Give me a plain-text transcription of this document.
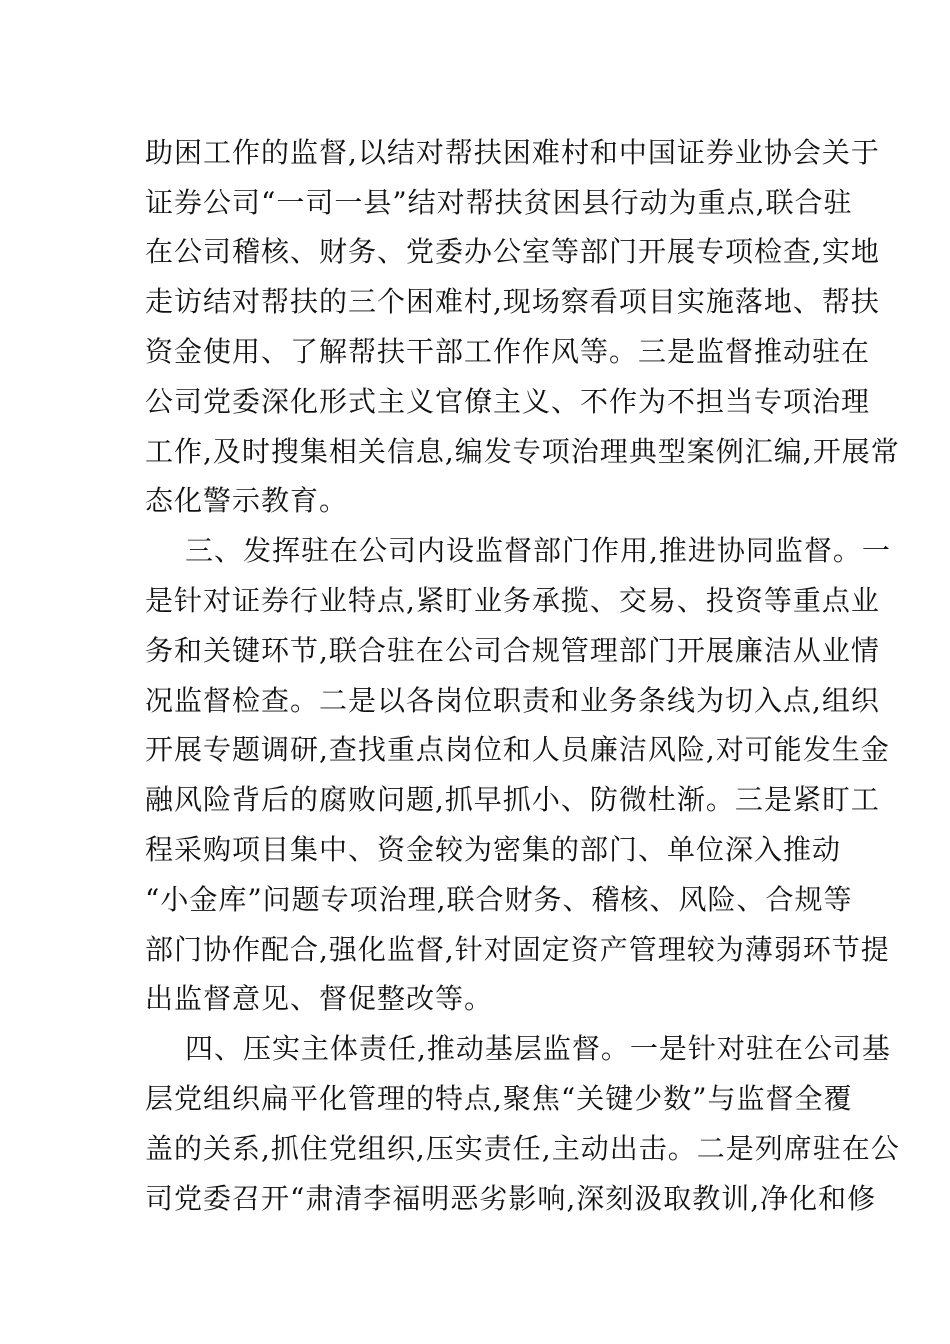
助困工作的监督,以结对帮扶困难村和中国证券业协会关于
证券公司“一司一县”结对帮扶贫困县行动为重点,联合驻
在公司稽核、财务、党委办公室等部门开展专项检查,实地
走访结对帮扶的三个困难村,现场察看项目实施落地、帮扶
资金使用、了解帮扶干部工作作风等。三是监督推动驻在
公司党委深化形式主义官僚主义、不作为不担当专项治理
工作,及时搜集相关信息,编发专项治理典型案例汇编,开展常
态化警示教育。
三、发挥驻在公司内设监督部门作用,推进协同监督。一
是针对证券行业特点,紧盯业务承揽、交易、投资等重点业
务和关键环节,联合驻在公司合规管理部门开展廉洁从业情
况监督检查。二是以各岗位职责和业务条线为切入点,组织
开展专题调研,查找重点岗位和人员廉洁风险,对可能发生金
融风险背后的腐败问题,抓早抓小、防微杜渐。三是紧盯工
程采购项目集中、资金较为密集的部门、单位深入推动
“小金库”问题专项治理,联合财务、稽核、风险、合规等
部门协作配合,强化监督,针对固定资产管理较为薄弱环节提
出监督意见、督促整改等。
四、压实主体责任,推动基层监督。一是针对驻在公司基
层党组织扁平化管理的特点,聚焦“关键少数”与监督全覆
盖的关系,抓住党组织,压实责任,主动出击。二是列席驻在公
司党委召开“肃清李福明恶劣影响,深刻汲取教训,净化和修
